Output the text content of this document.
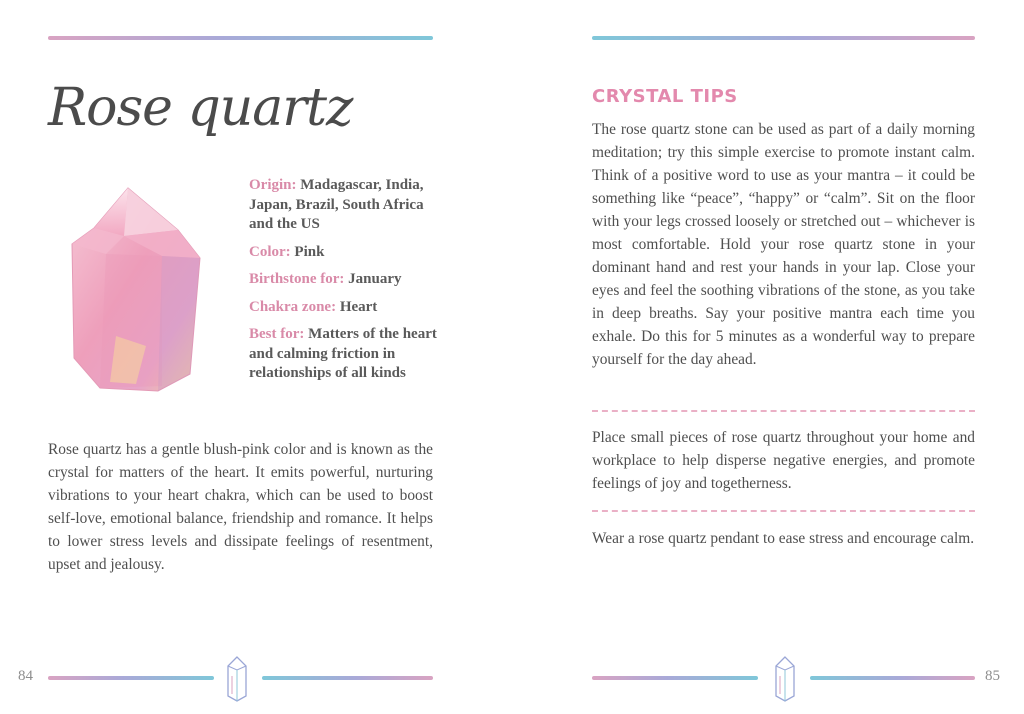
Rose quartz
Origin: Madagascar, India, Japan, Brazil, South Africa and the US
Color: Pink
Birthstone for: January
Chakra zone: Heart
Best for: Matters of the heart and calming friction in relationships of all kinds

Rose quartz has a gentle blush-pink color and is known as the crystal for matters of the heart. It emits powerful, nurturing vibrations to your heart chakra, which can be used to boost self-love, emotional balance, friendship and romance. It helps to lower stress levels and dissipate feelings of resentment, upset and jealousy.

CRYSTAL TIPS

The rose quartz stone can be used as part of a daily morning meditation; try this simple exercise to promote instant calm. Think of a positive word to use as your mantra – it could be something like “peace”, “happy” or “calm”. Sit on the floor with your legs crossed loosely or stretched out – whichever is most comfortable. Hold your rose quartz stone in your dominant hand and rest your hands in your lap. Close your eyes and feel the soothing vibrations of the stone, as you take in deep breaths. Say your positive mantra each time you exhale. Do this for 5 minutes as a wonderful way to prepare yourself for the day ahead.

Place small pieces of rose quartz throughout your home and workplace to help disperse negative energies, and promote feelings of joy and togetherness.

Wear a rose quartz pendant to ease stress and encourage calm.

84	85
